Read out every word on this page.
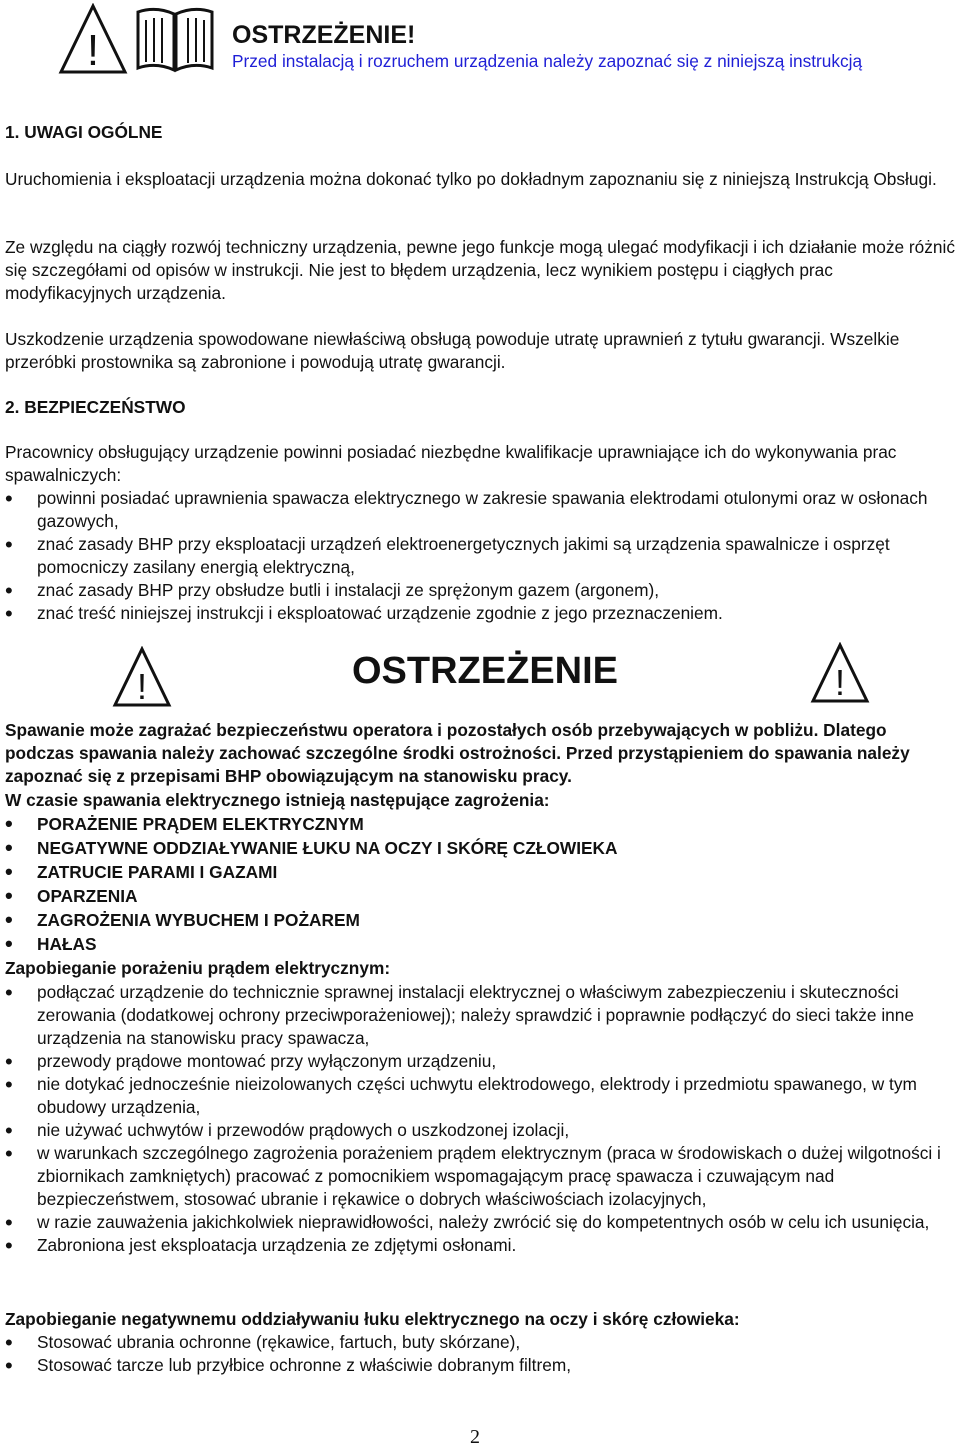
!	OSTRZEŻENIE!
Przed instalacją i rozruchem urządzenia należy zapoznać się z niniejszą instrukcją
1. UWAGI OGÓLNE
Uruchomienia i eksploatacji urządzenia można dokonać tylko po dokładnym zapoznaniu się z niniejszą Instrukcją Obsługi.
Ze względu na ciągły rozwój techniczny urządzenia, pewne jego funkcje mogą ulegać modyfikacji i ich działanie może różnić się szczegółami od opisów w instrukcji. Nie jest to błędem urządzenia, lecz wynikiem postępu i ciągłych prac modyfikacyjnych urządzenia.
Uszkodzenie urządzenia spowodowane niewłaściwą obsługą powoduje utratę uprawnień z tytułu gwarancji. Wszelkie przeróbki prostownika są zabronione i powodują utratę gwarancji.
2. BEZPIECZEŃSTWO
Pracownicy obsługujący urządzenie powinni posiadać niezbędne kwalifikacje uprawniające ich do wykonywania prac spawalniczych:
• powinni posiadać uprawnienia spawacza elektrycznego w zakresie spawania elektrodami otulonymi oraz w osłonach gazowych,
• znać zasady BHP przy eksploatacji urządzeń elektroenergetycznych jakimi są urządzenia spawalnicze i osprzęt pomocniczy zasilany energią elektryczną,
• znać zasady BHP przy obsłudze butli i instalacji ze sprężonym gazem (argonem),
• znać treść niniejszej instrukcji i eksploatować urządzenie zgodnie z jego przeznaczeniem.
!	OSTRZEŻENIE	!
Spawanie może zagrażać bezpieczeństwu operatora i pozostałych osób przebywających w pobliżu. Dlatego podczas spawania należy zachować szczególne środki ostrożności. Przed przystąpieniem do spawania należy zapoznać się z przepisami BHP obowiązującym na stanowisku pracy.
W czasie spawania elektrycznego istnieją następujące zagrożenia:
• PORAŻENIE PRĄDEM ELEKTRYCZNYM
• NEGATYWNE ODDZIAŁYWANIE ŁUKU NA OCZY I SKÓRĘ CZŁOWIEKA
• ZATRUCIE PARAMI I GAZAMI
• OPARZENIA
• ZAGROŻENIA WYBUCHEM I POŻAREM
• HAŁAS
Zapobieganie porażeniu prądem elektrycznym:
• podłączać urządzenie do technicznie sprawnej instalacji elektrycznej o właściwym zabezpieczeniu i skuteczności zerowania (dodatkowej ochrony przeciwporażeniowej); należy sprawdzić i poprawnie podłączyć do sieci także inne urządzenia na stanowisku pracy spawacza,
• przewody prądowe montować przy wyłączonym urządzeniu,
• nie dotykać jednocześnie nieizolowanych części uchwytu elektrodowego, elektrody i przedmiotu spawanego, w tym obudowy urządzenia,
• nie używać uchwytów i przewodów prądowych o uszkodzonej izolacji,
• w warunkach szczególnego zagrożenia porażeniem prądem elektrycznym (praca w środowiskach o dużej wilgotności i zbiornikach zamkniętych) pracować z pomocnikiem wspomagającym pracę spawacza i czuwającym nad bezpieczeństwem, stosować ubranie i rękawice o dobrych właściwościach izolacyjnych,
• w razie zauważenia jakichkolwiek nieprawidłowości, należy zwrócić się do kompetentnych osób w celu ich usunięcia,
• Zabroniona jest eksploatacja urządzenia ze zdjętymi osłonami.
Zapobieganie negatywnemu oddziaływaniu łuku elektrycznego na oczy i skórę człowieka:
• Stosować ubrania ochronne (rękawice, fartuch, buty skórzane),
• Stosować tarcze lub przyłbice ochronne z właściwie dobranym filtrem,
2
